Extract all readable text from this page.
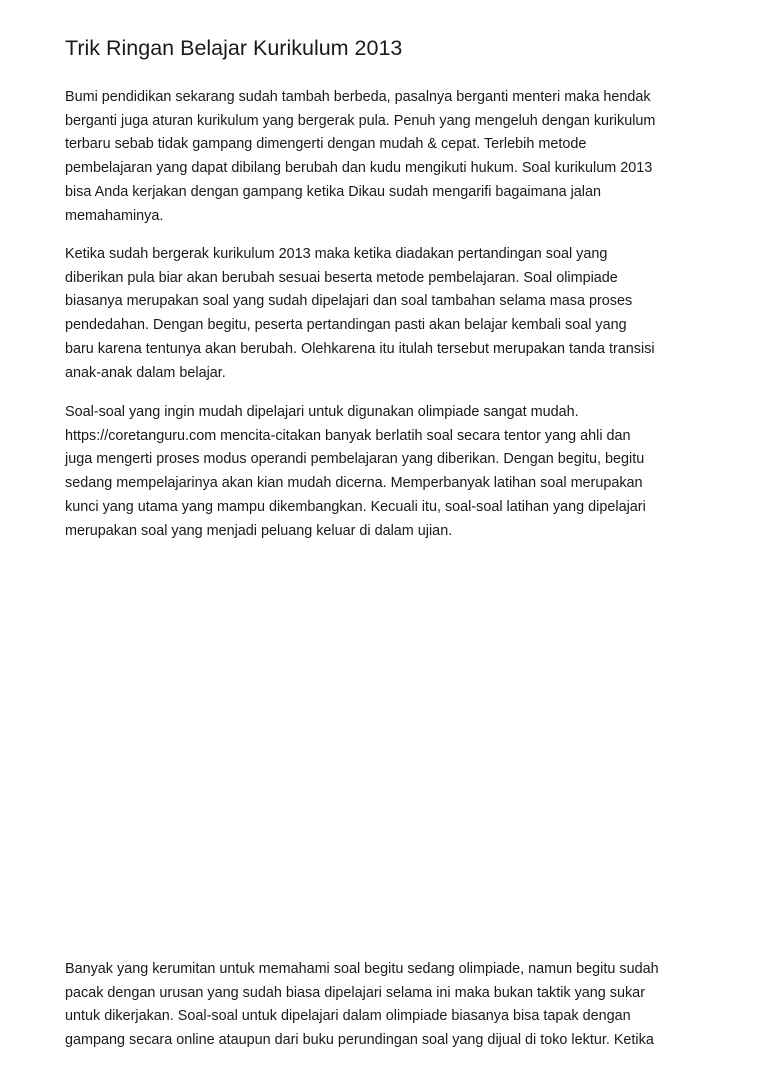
Trik Ringan Belajar Kurikulum 2013

Bumi pendidikan sekarang sudah tambah berbeda, pasalnya berganti menteri maka hendak
berganti juga aturan kurikulum yang bergerak pula. Penuh yang mengeluh dengan kurikulum
terbaru sebab tidak gampang dimengerti dengan mudah & cepat. Terlebih metode
pembelajaran yang dapat dibilang berubah dan kudu mengikuti hukum. Soal kurikulum 2013
bisa Anda kerjakan dengan gampang ketika Dikau sudah mengarifi bagaimana jalan
memahaminya.

Ketika sudah bergerak kurikulum 2013 maka ketika diadakan pertandingan soal yang
diberikan pula biar akan berubah sesuai beserta metode pembelajaran. Soal olimpiade
biasanya merupakan soal yang sudah dipelajari dan soal tambahan selama masa proses
pendedahan. Dengan begitu, peserta pertandingan pasti akan belajar kembali soal yang
baru karena tentunya akan berubah. Olehkarena itu itulah tersebut merupakan tanda transisi
anak-anak dalam belajar.

Soal-soal yang ingin mudah dipelajari untuk digunakan olimpiade sangat mudah.
https://coretanguru.com mencita-citakan banyak berlatih soal secara tentor yang ahli dan
juga mengerti proses modus operandi pembelajaran yang diberikan. Dengan begitu, begitu
sedang mempelajarinya akan kian mudah dicerna. Memperbanyak latihan soal merupakan
kunci yang utama yang mampu dikembangkan. Kecuali itu, soal-soal latihan yang dipelajari
merupakan soal yang menjadi peluang keluar di dalam ujian.

Banyak yang kerumitan untuk memahami soal begitu sedang olimpiade, namun begitu sudah
pacak dengan urusan yang sudah biasa dipelajari selama ini maka bukan taktik yang sukar
untuk dikerjakan. Soal-soal untuk dipelajari dalam olimpiade biasanya bisa tapak dengan
gampang secara online ataupun dari buku perundingan soal yang dijual di toko lektur. Ketika
